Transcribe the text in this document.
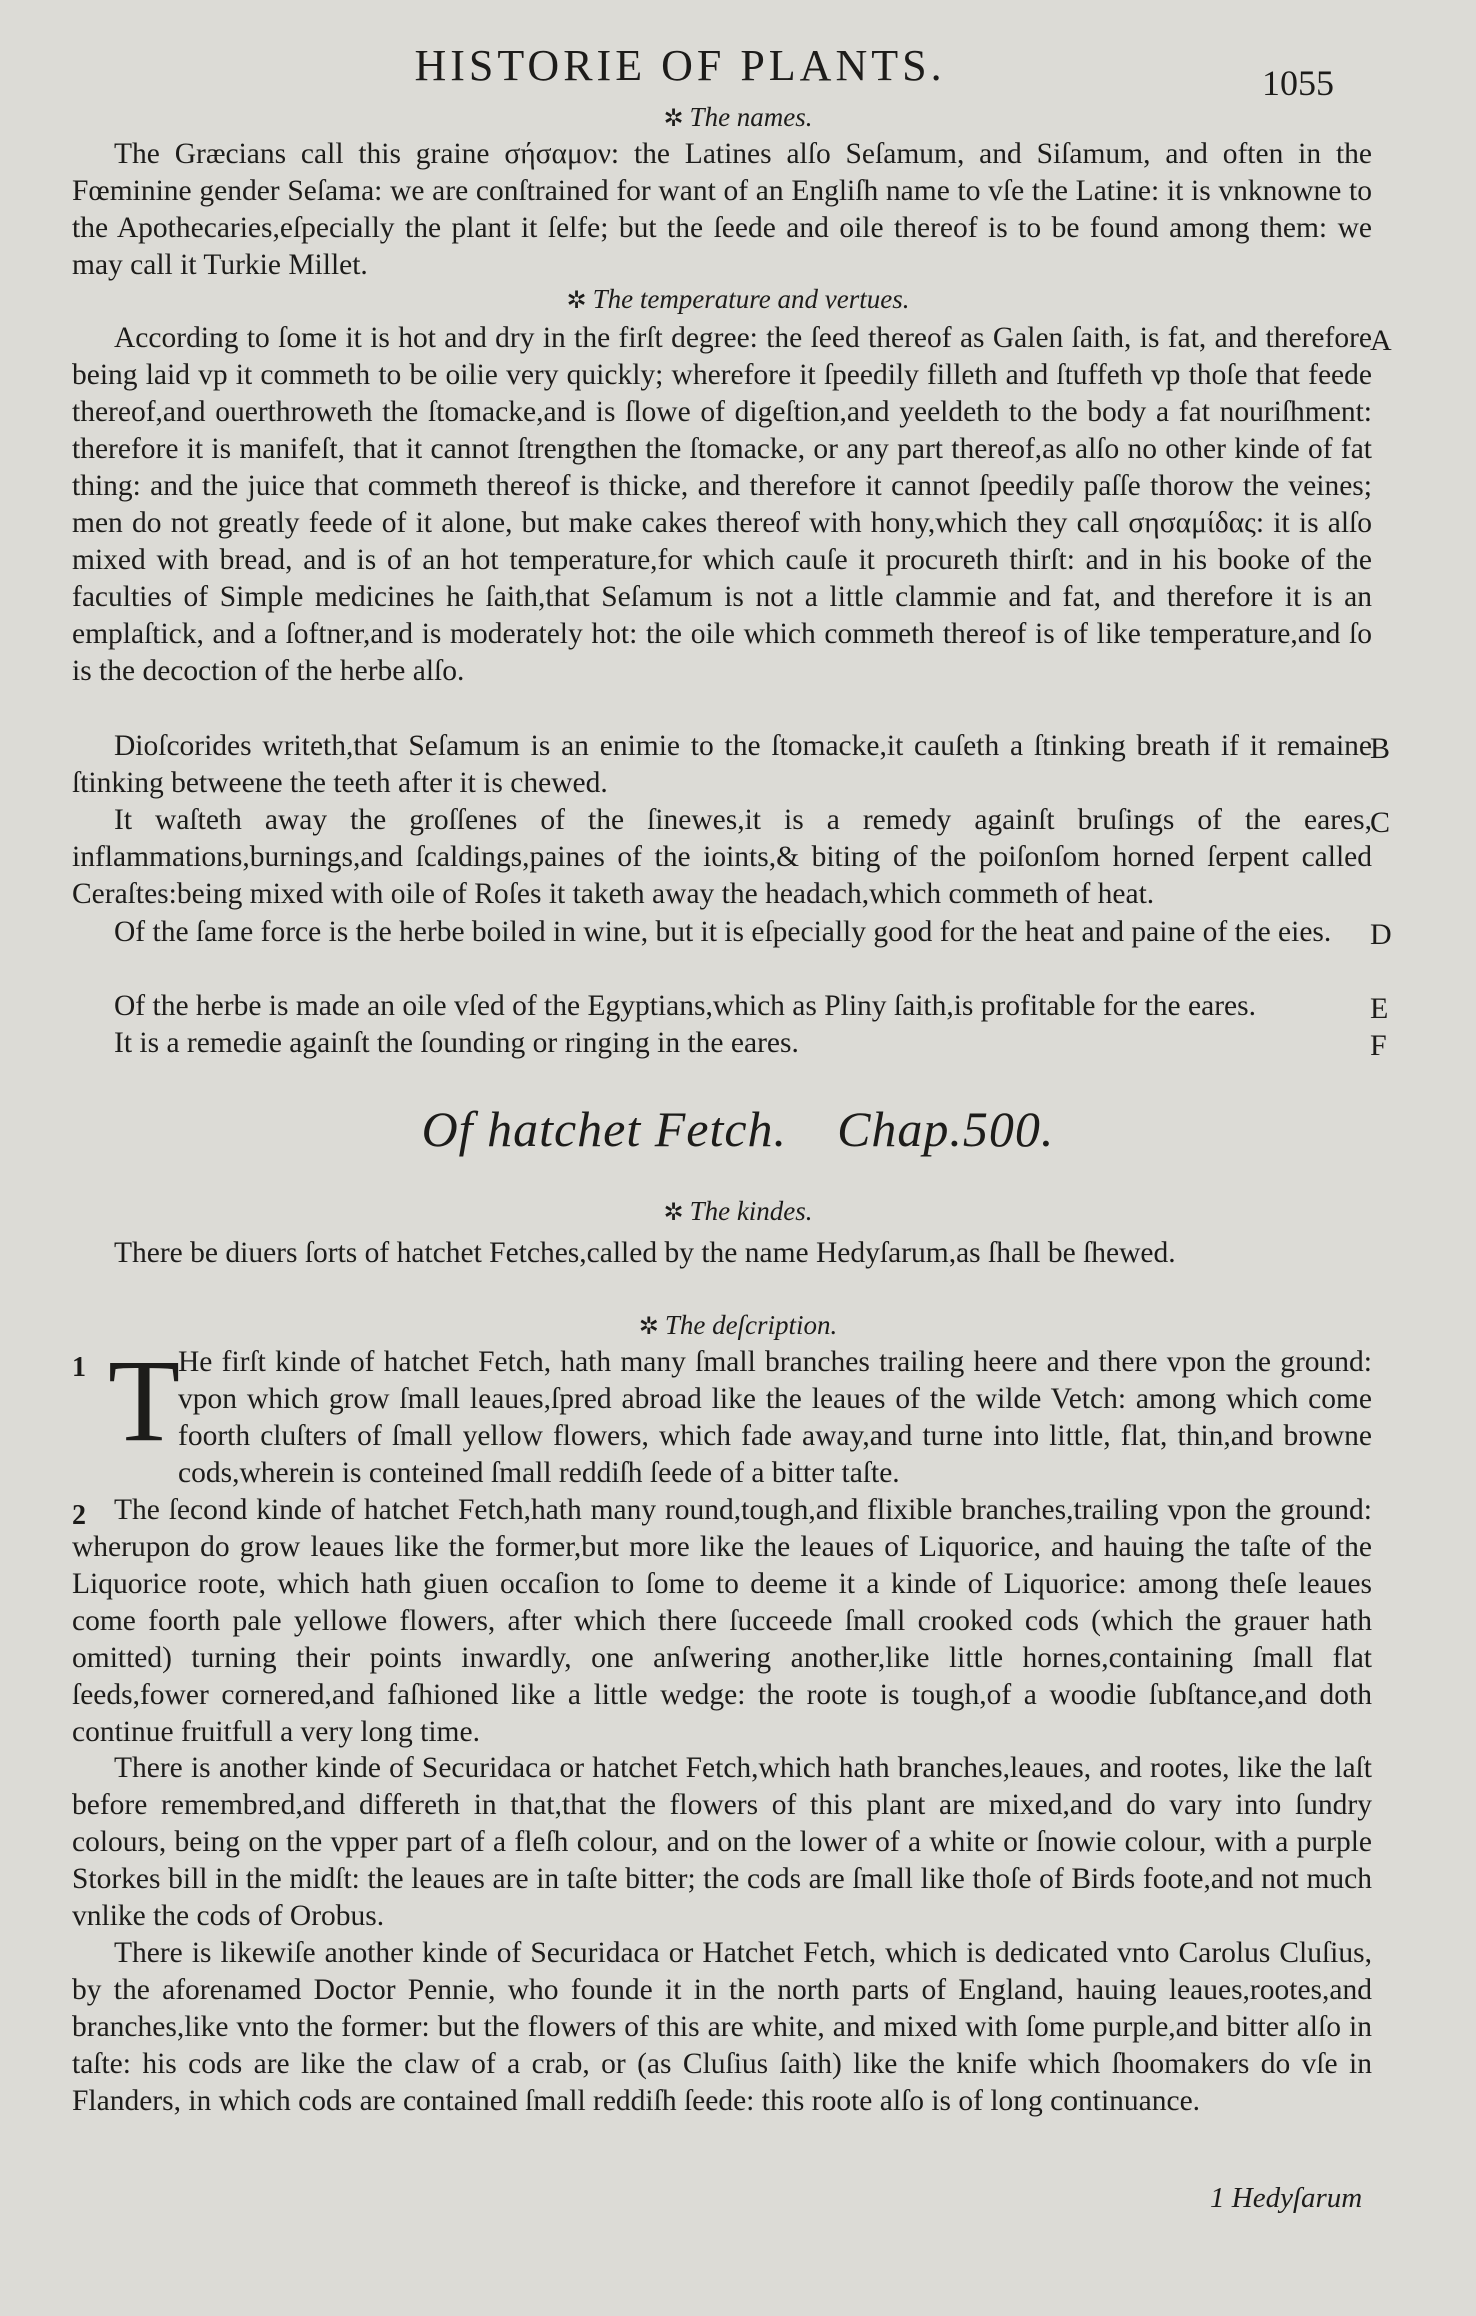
HISTORIE OF PLANTS.	1055
✲ The names.
The Græcians call this graine σήσαμον: the Latines alſo Seſamum, and Siſamum, and often in the Fœminine gender Seſama: we are conſtrained for want of an Engliſh name to vſe the Latine: it is vnknowne to the Apothecaries,eſpecially the plant it ſelfe; but the ſeede and oile thereof is to be found among them: we may call it Turkie Millet.
✲ The temperature and vertues.
According to ſome it is hot and dry in the firſt degree: the ſeed thereof as Galen ſaith, is fat, and therefore being laid vp it commeth to be oilie very quickly; wherefore it ſpeedily filleth and ſtuffeth vp thoſe that feede thereof,and ouerthroweth the ſtomacke,and is ſlowe of digeſtion,and yeeldeth to the body a fat nouriſhment: therefore it is manifeſt, that it cannot ſtrengthen the ſtomacke, or any part thereof,as alſo no other kinde of fat thing: and the juice that commeth thereof is thicke, and therefore it cannot ſpeedily paſſe thorow the veines; men do not greatly feede of it alone, but make cakes thereof with hony,which they call σησαμίδας: it is alſo mixed with bread, and is of an hot temperature,for which cauſe it procureth thirſt: and in his booke of the faculties of Simple medicines he ſaith,that Seſamum is not a little clammie and fat, and therefore it is an emplaſtick, and a ſoftner,and is moderately hot: the oile which commeth thereof is of like temperature,and ſo is the decoction of the herbe alſo.
Dioſcorides writeth,that Seſamum is an enimie to the ſtomacke,it cauſeth a ſtinking breath if it remaine ſtinking betweene the teeth after it is chewed.
It waſteth away the groſſenes of the ſinewes,it is a remedy againſt bruſings of the eares, inflammations,burnings,and ſcaldings,paines of the ioints,& biting of the poiſonſom horned ſerpent called Ceraſtes:being mixed with oile of Roſes it taketh away the headach,which commeth of heat.
Of the ſame force is the herbe boiled in wine, but it is eſpecially good for the heat and paine of the eies.
Of the herbe is made an oile vſed of the Egyptians,which as Pliny ſaith,is profitable for the eares.
It is a remedie againſt the ſounding or ringing in the eares.
A
B
C
D
E
F
Of hatchet Fetch. Chap.500.
✲ The kindes.
There be diuers ſorts of hatchet Fetches,called by the name Hedyſarum,as ſhall be ſhewed.
✲ The deſcription.
1 T
He firſt kinde of hatchet Fetch, hath many ſmall branches trailing heere and there vpon the ground: vpon which grow ſmall leaues,ſpred abroad like the leaues of the wilde Vetch: among which come foorth cluſters of ſmall yellow flowers, which fade away,and turne into little, flat, thin,and browne cods,wherein is conteined ſmall reddiſh ſeede of a bitter taſte.
2 The ſecond kinde of hatchet Fetch,hath many round,tough,and flixible branches,trailing vpon the ground: wherupon do grow leaues like the former,but more like the leaues of Liquorice, and hauing the taſte of the Liquorice roote, which hath giuen occaſion to ſome to deeme it a kinde of Liquorice: among theſe leaues come foorth pale yellowe flowers, after which there ſucceede ſmall crooked cods (which the grauer hath omitted) turning their points inwardly, one anſwering another,like little hornes,containing ſmall flat ſeeds,fower cornered,and faſhioned like a little wedge: the roote is tough,of a woodie ſubſtance,and doth continue fruitfull a very long time.
There is another kinde of Securidaca or hatchet Fetch,which hath branches,leaues, and rootes, like the laſt before remembred,and differeth in that,that the flowers of this plant are mixed,and do vary into ſundry colours, being on the vpper part of a fleſh colour, and on the lower of a white or ſnowie colour, with a purple Storkes bill in the midſt: the leaues are in taſte bitter; the cods are ſmall like thoſe of Birds foote,and not much vnlike the cods of Orobus.
There is likewiſe another kinde of Securidaca or Hatchet Fetch, which is dedicated vnto Carolus Cluſius, by the aforenamed Doctor Pennie, who founde it in the north parts of England, hauing leaues,rootes,and branches,like vnto the former: but the flowers of this are white, and mixed with ſome purple,and bitter alſo in taſte: his cods are like the claw of a crab, or (as Cluſius ſaith) like the knife which ſhoomakers do vſe in Flanders, in which cods are contained ſmall reddiſh ſeede: this roote alſo is of long continuance.
1 Hedyſarum
